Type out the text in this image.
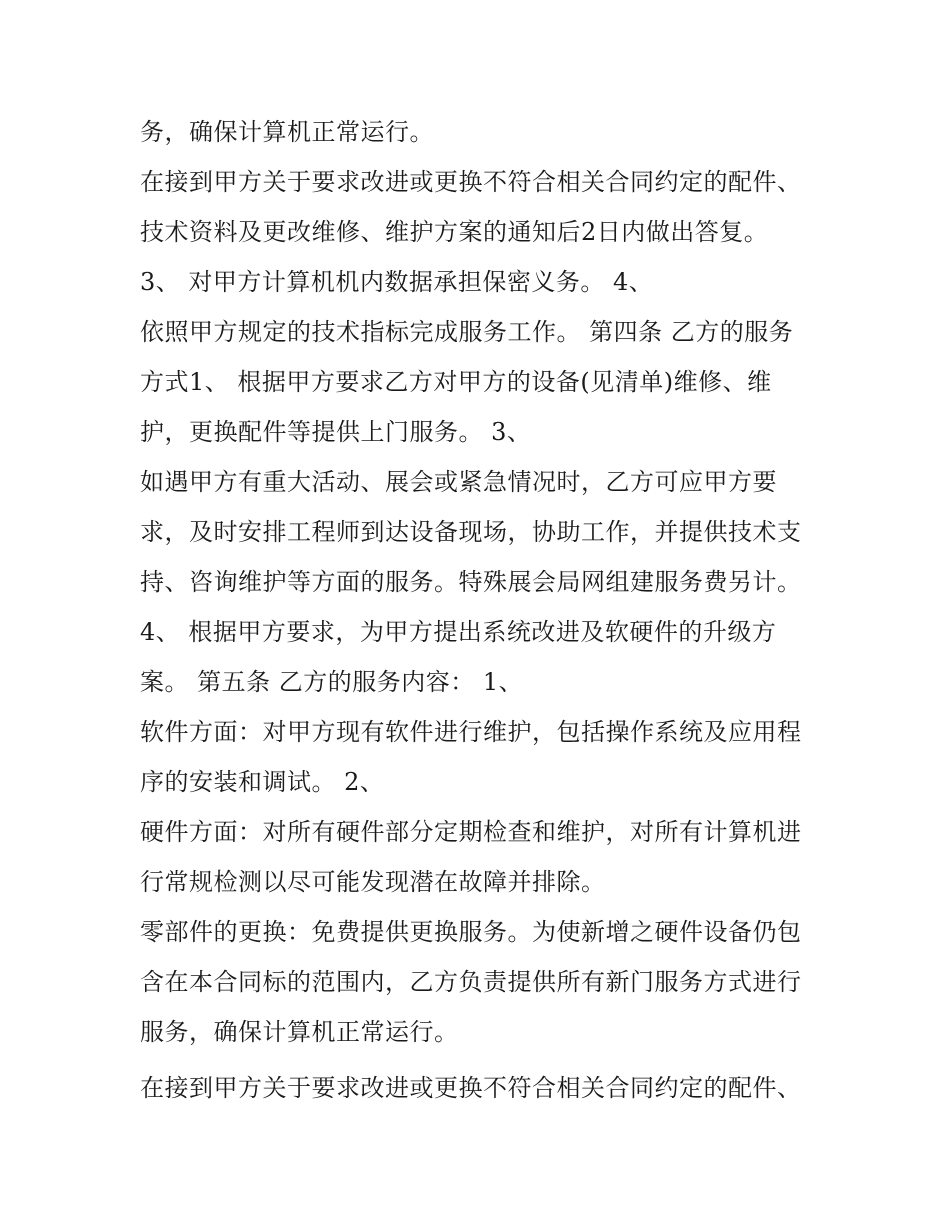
务，确保计算机正常运行。
在接到甲方关于要求改进或更换不符合相关合同约定的配件、
技术资料及更改维修、维护方案的通知后2日内做出答复。
3、 对甲方计算机机内数据承担保密义务。 4、
依照甲方规定的技术指标完成服务工作。 第四条 乙方的服务
方式1、 根据甲方要求乙方对甲方的设备(见清单)维修、维
护，更换配件等提供上门服务。 3、
如遇甲方有重大活动、展会或紧急情况时，乙方可应甲方要
求，及时安排工程师到达设备现场，协助工作，并提供技术支
持、咨询维护等方面的服务。特殊展会局网组建服务费另计。
4、 根据甲方要求，为甲方提出系统改进及软硬件的升级方
案。 第五条 乙方的服务内容： 1、
软件方面：对甲方现有软件进行维护，包括操作系统及应用程
序的安装和调试。 2、
硬件方面：对所有硬件部分定期检查和维护，对所有计算机进
行常规检测以尽可能发现潜在故障并排除。
零部件的更换：免费提供更换服务。为使新增之硬件设备仍包
含在本合同标的范围内，乙方负责提供所有新门服务方式进行
服务，确保计算机正常运行。
在接到甲方关于要求改进或更换不符合相关合同约定的配件、
